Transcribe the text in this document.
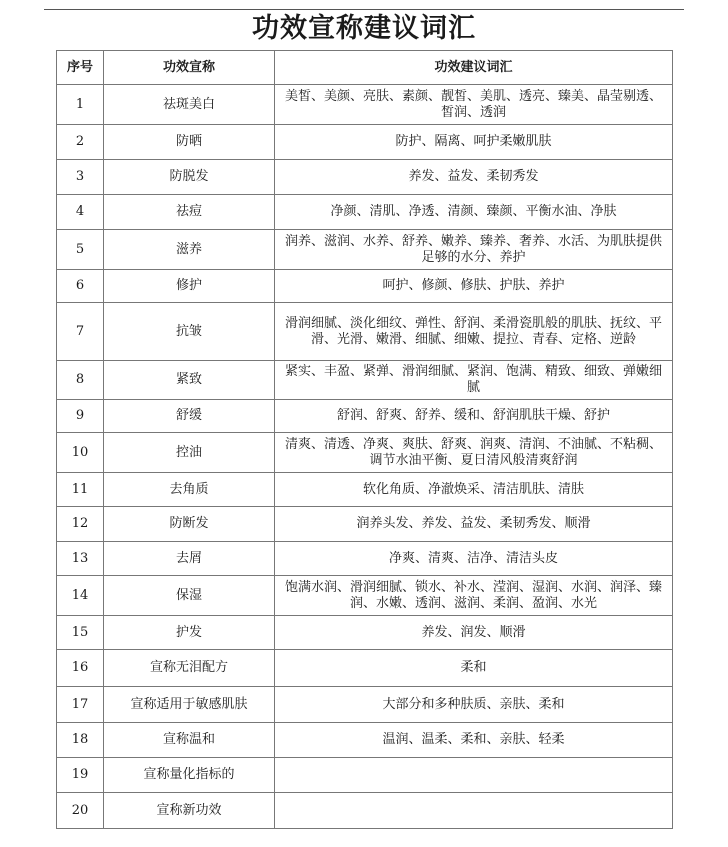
功效宣称建议词汇
序号	功效宣称	功效建议词汇
1	祛斑美白	美皙、美颜、亮肤、素颜、靓皙、美肌、透亮、臻美、晶莹剔透、皙润、透润
2	防晒	防护、隔离、呵护柔嫩肌肤
3	防脱发	养发、益发、柔韧秀发
4	祛痘	净颜、清肌、净透、清颜、臻颜、平衡水油、净肤
5	滋养	润养、滋润、水养、舒养、嫩养、臻养、奢养、水活、为肌肤提供足够的水分、养护
6	修护	呵护、修颜、修肤、护肤、养护
7	抗皱	滑润细腻、淡化细纹、弹性、舒润、柔滑瓷肌般的肌肤、抚纹、平滑、光滑、嫩滑、细腻、细嫩、提拉、青春、定格、逆龄
8	紧致	紧实、丰盈、紧弹、滑润细腻、紧润、饱满、精致、细致、弹嫩细腻
9	舒缓	舒润、舒爽、舒养、缓和、舒润肌肤干燥、舒护
10	控油	清爽、清透、净爽、爽肤、舒爽、润爽、清润、不油腻、不粘稠、调节水油平衡、夏日清风般清爽舒润
11	去角质	软化角质、净澈焕采、清洁肌肤、清肤
12	防断发	润养头发、养发、益发、柔韧秀发、顺滑
13	去屑	净爽、清爽、洁净、清洁头皮
14	保湿	饱满水润、滑润细腻、锁水、补水、滢润、湿润、水润、润泽、臻润、水嫩、透润、滋润、柔润、盈润、水光
15	护发	养发、润发、顺滑
16	宣称无泪配方	柔和
17	宣称适用于敏感肌肤	大部分和多种肤质、亲肤、柔和
18	宣称温和	温润、温柔、柔和、亲肤、轻柔
19	宣称量化指标的	
20	宣称新功效	
